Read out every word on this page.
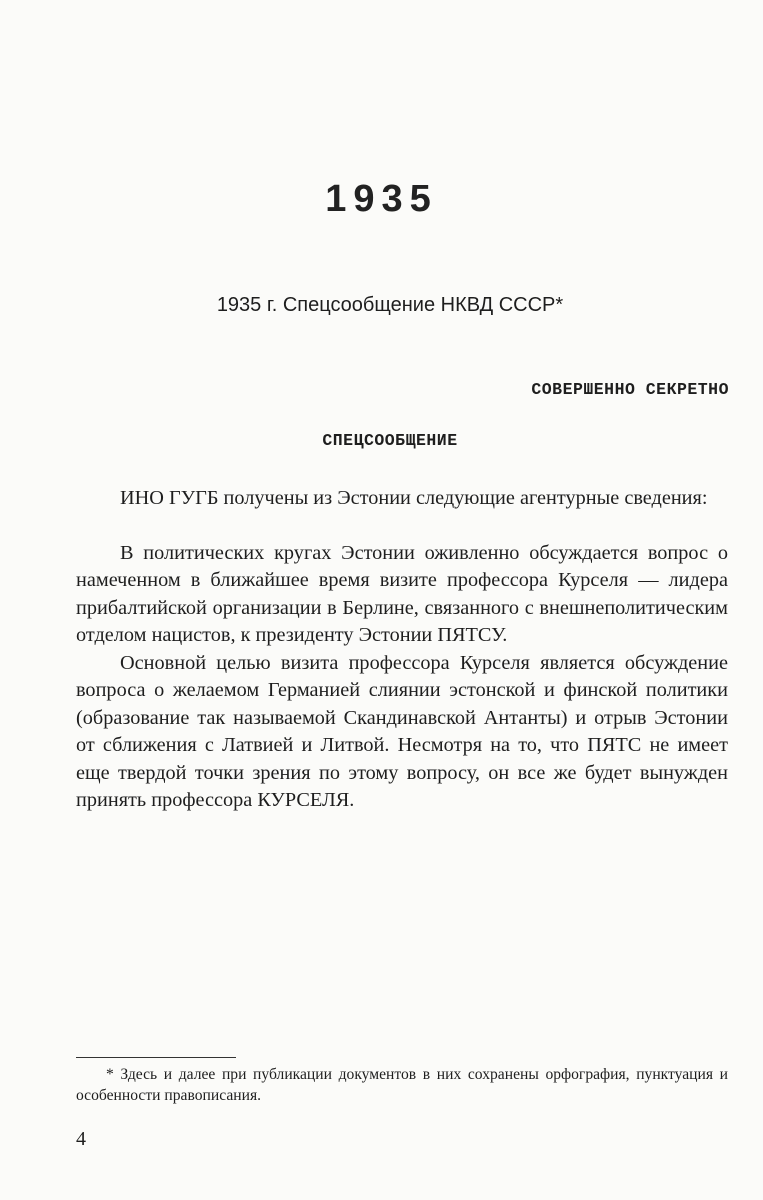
1935
1935 г. Спецсообщение НКВД СССР*
СОВЕРШЕННО СЕКРЕТНО
СПЕЦСООБЩЕНИЕ

ИНО ГУГБ получены из Эстонии следующие агентурные сведения:

В политических кругах Эстонии оживленно обсуждается вопрос о намеченном в ближайшее время визите профессора Курселя — лидера прибалтийской организации в Берлине, связанного с внешнеполитическим отделом нацистов, к президенту Эстонии ПЯТСУ.

Основной целью визита профессора Курселя является обсуждение вопроса о желаемом Германией слиянии эстонской и финской политики (образование так называемой Скандинавской Антанты) и отрыв Эстонии от сближения с Латвией и Литвой. Несмотря на то, что ПЯТС не имеет еще твердой точки зрения по этому вопросу, он все же будет вынужден принять профессора КУРСЕЛЯ.

* Здесь и далее при публикации документов в них сохранены орфография, пунктуация и особенности правописания.

4
